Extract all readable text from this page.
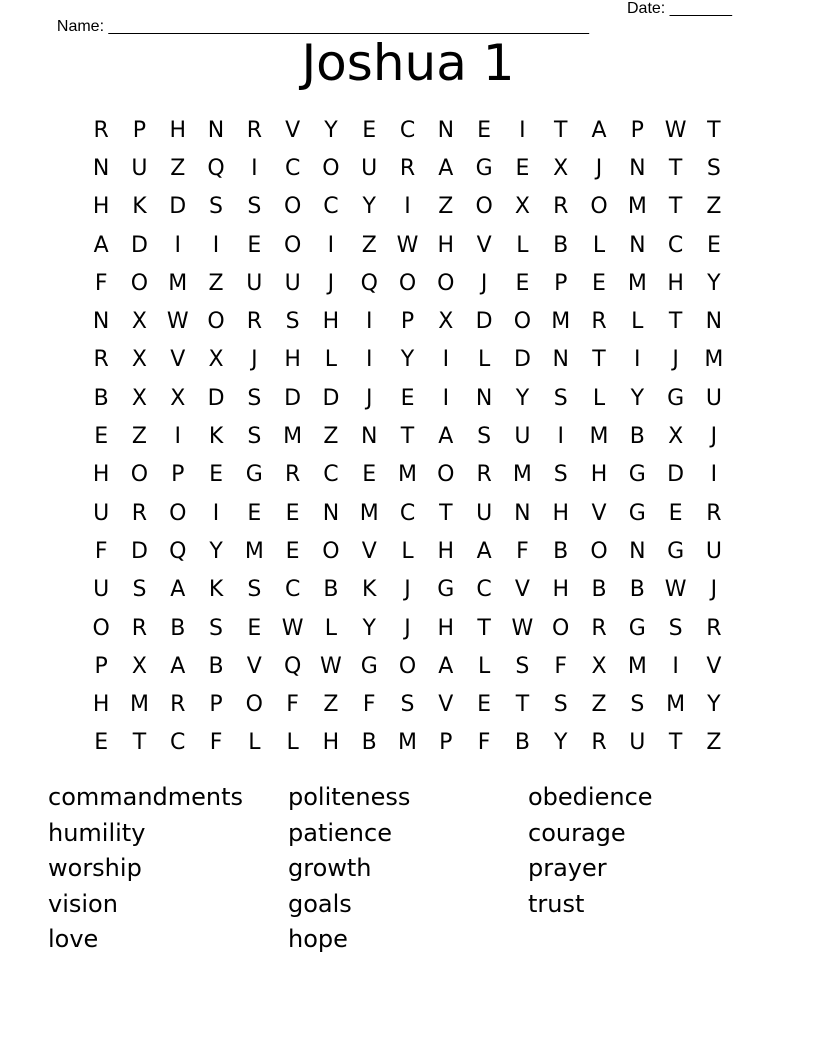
Name: ______________________________________________________

Date: _______

Joshua 1
R	P	H N	R	V	Y	E	C	N	E	I	T	A	P W T
N	U	Z	Q	I	C O U	R	A	G	E	X	J	N	T	S
H	K	D	S	S	O C	Y	I	Z	O	X	R O M	T	Z
A	D	I	I	E	O	I	Z W H	V	L	B	L	N	C	E
F	O M Z	U	U	J	Q O O	J	E	P	E M H	Y
N	X W O R	S	H	I	P	X	D O M R	L	T	N
R	X	V	X	J	H	L	I	Y	I	L	D N	T	I	J	M
B	X	X	D	S	D D	J	E	I	N	Y	S	L	Y	G U
E	Z	I	K	S M Z	N	T	A	S	U	I	M B	X	J
H O	P	E	G	R	C	E M O R M S	H G D	I
U	R O	I	E	E	N M C	T	U	N H	V	G	E	R
F	D Q	Y	M E	O	V	L	H	A	F	B	O N G U
U	S	A	K	S	C	B	K	J	G	C	V	H	B	B W	J
O R	B	S	E W L	Y	J	H	T W O R	G	S	R
P	X	A	B	V	Q W G O	A	L	S	F	X M	I	V
H M R	P	O	F	Z	F	S	V	E	T	S	Z	S M	Y
E	T	C	F	L	L	H	B M	P	F	B	Y	R	U	T	Z
commandments	politeness	obedience
humility	patience	courage
worship	growth	prayer
vision	goals	trust
love	hope
